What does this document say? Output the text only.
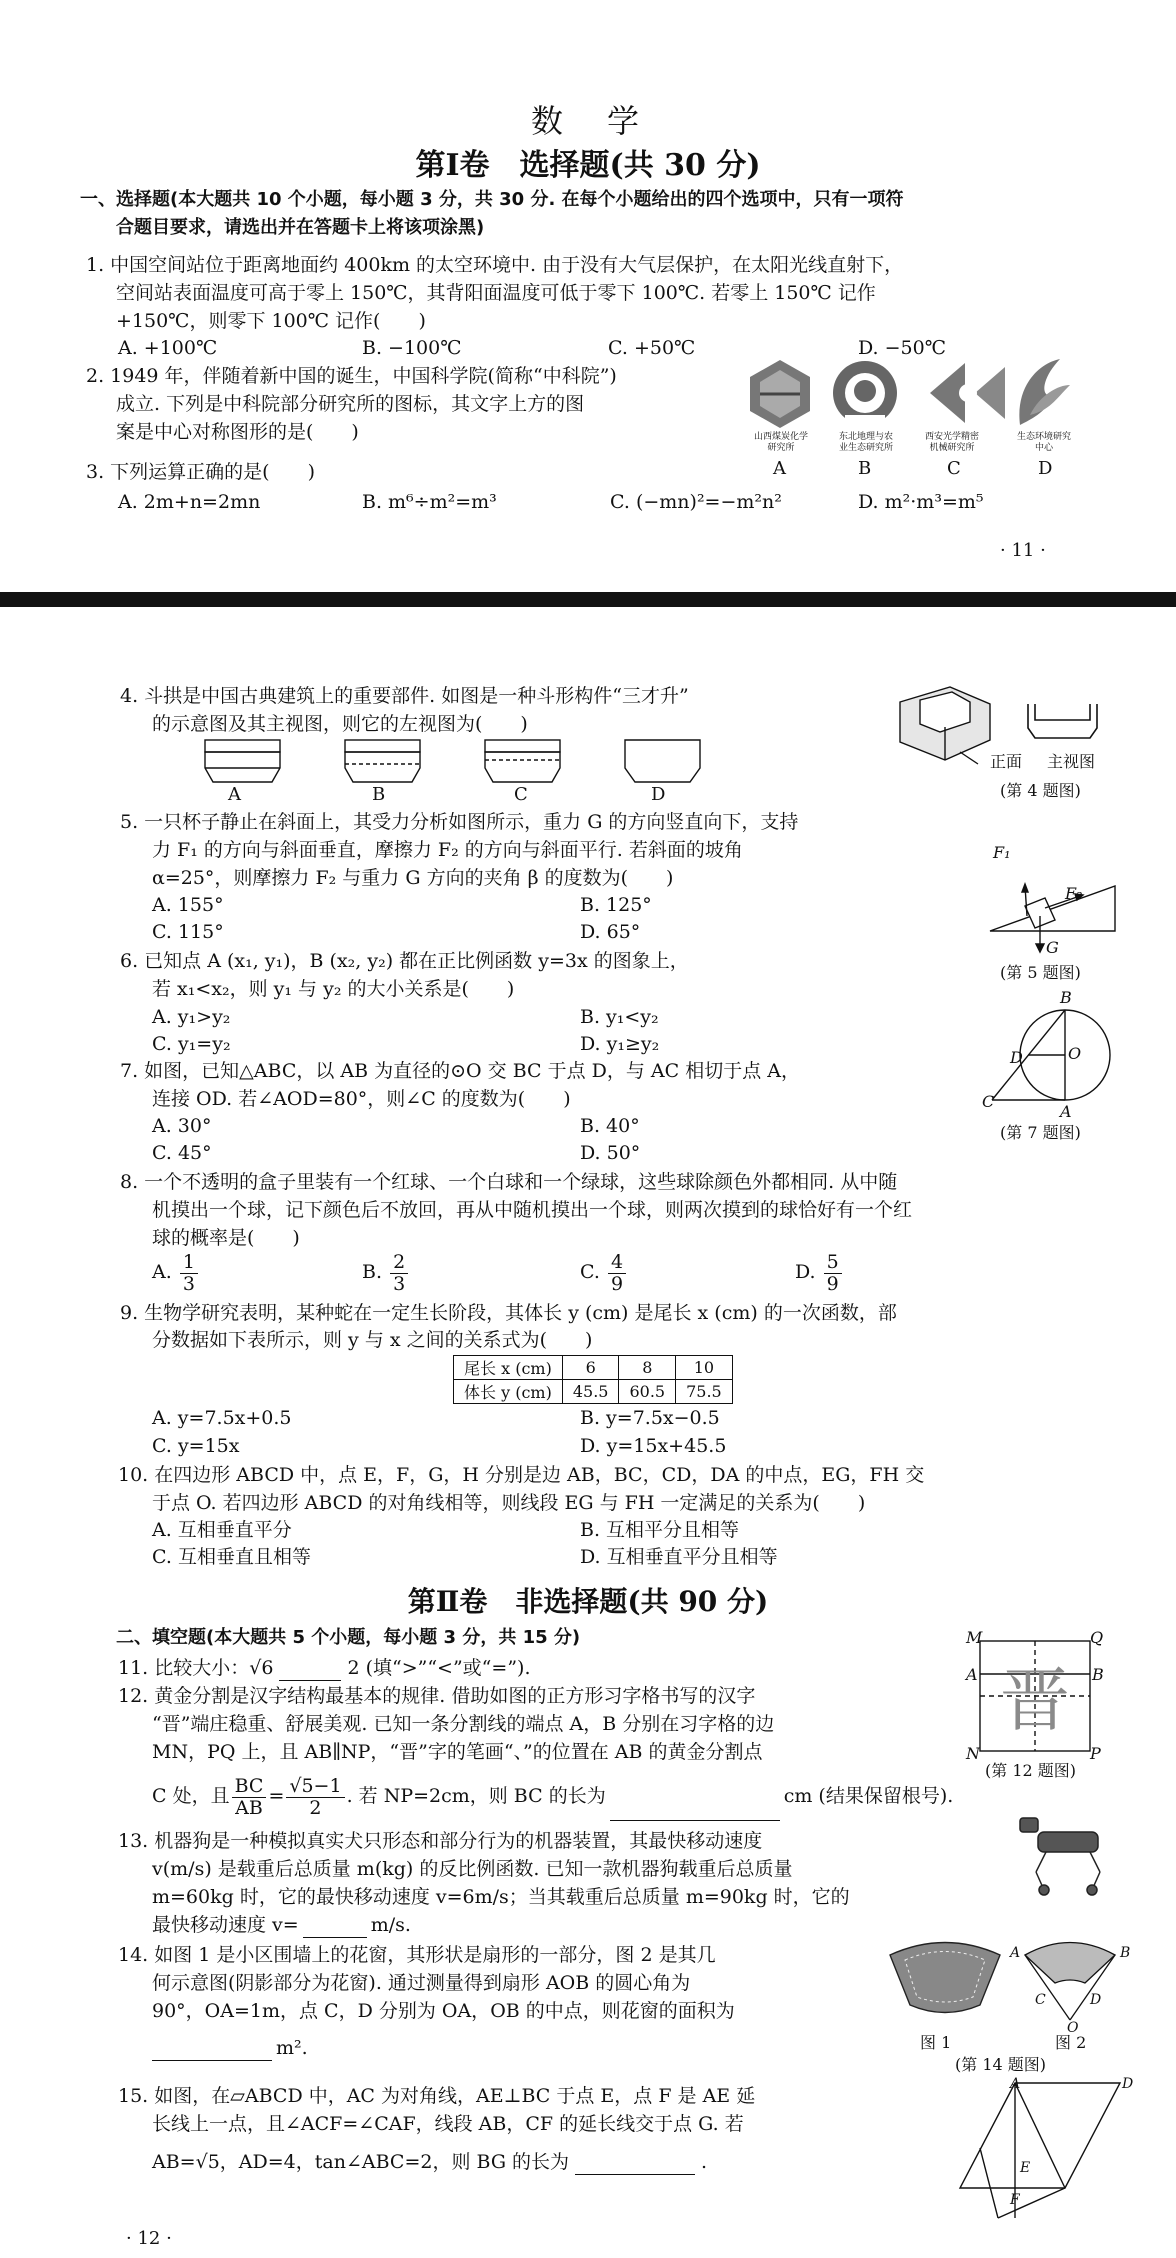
数　学
第Ⅰ卷　选择题(共 30 分)
一、选择题(本大题共 10 个小题，每小题 3 分，共 30 分. 在每个小题给出的四个选项中，只有一项符
合题目要求，请选出并在答题卡上将该项涂黑)
1. 中国空间站位于距离地面约 400km 的太空环境中. 由于没有大气层保护，在太阳光线直射下，
空间站表面温度可高于零上 150℃，其背阳面温度可低于零下 100℃. 若零上 150℃ 记作
+150℃，则零下 100℃ 记作(　　)
A. +100℃	B. −100℃	C. +50℃	D. −50℃
2. 1949 年，伴随着新中国的诞生，中国科学院(简称“中科院”)
成立. 下列是中科院部分研究所的图标，其文字上方的图
案是中心对称图形的是(　　)	山西煤炭化学研究所
东北地理与农业生态研究所
西安光学精密机械研究所
生态环境研究中心
A	B	C	D
3. 下列运算正确的是(　　)
A. 2m+n=2mn	B. m⁶÷m²=m³	C. (−mn)²=−m²n²	D. m²·m³=m⁵
· 11 ·
4. 斗拱是中国古典建筑上的重要部件. 如图是一种斗形构件“三才升”
的示意图及其主视图，则它的左视图为(　　)
A	B	C	D
正面 主视图
(第 4 题图)
5. 一只杯子静止在斜面上，其受力分析如图所示，重力 G 的方向竖直向下，支持
力 F₁ 的方向与斜面垂直，摩擦力 F₂ 的方向与斜面平行. 若斜面的坡角
α=25°，则摩擦力 F₂ 与重力 G 方向的夹角 β 的度数为(　　)
A. 155°	B. 125°
C. 115°	D. 65°
F₁
F₂
G
(第 5 题图)
6. 已知点 A (x₁, y₁)，B (x₂, y₂) 都在正比例函数 y=3x 的图象上，
若 x₁<x₂，则 y₁ 与 y₂ 的大小关系是(　　)
A. y₁>y₂	B. y₁<y₂
C. y₁=y₂	D. y₁≥y₂
B
O
D
C
A
(第 7 题图)
7. 如图，已知△ABC，以 AB 为直径的⊙O 交 BC 于点 D，与 AC 相切于点 A，
连接 OD. 若∠AOD=80°，则∠C 的度数为(　　)
A. 30°	B. 40°
C. 45°	D. 50°
8. 一个不透明的盒子里装有一个红球、一个白球和一个绿球，这些球除颜色外都相同. 从中随
机摸出一个球，记下颜色后不放回，再从中随机摸出一个球，则两次摸到的球恰好有一个红
球的概率是(　　)
A. $\frac{1}{3}$	B. $\frac{2}{3}$	C. $\frac{4}{9}$	D. $\frac{5}{9}$
9. 生物学研究表明，某种蛇在一定生长阶段，其体长 y (cm) 是尾长 x (cm) 的一次函数，部
分数据如下表所示，则 y 与 x 之间的关系式为(　　)
尾长 x (cm)	6	8	10
体长 y (cm)	45.5	60.5	75.5
A. y=7.5x+0.5	B. y=7.5x−0.5
C. y=15x	D. y=15x+45.5
10. 在四边形 ABCD 中，点 E，F，G，H 分别是边 AB，BC，CD，DA 的中点，EG，FH 交
于点 O. 若四边形 ABCD 的对角线相等，则线段 EG 与 FH 一定满足的关系为(　　)
A. 互相垂直平分	B. 互相平分且相等
C. 互相垂直且相等	D. 互相垂直平分且相等
第Ⅱ卷　非选择题(共 90 分)
二、填空题(本大题共 5 个小题，每小题 3 分，共 15 分)
11. 比较大小：√6	2 (填“>”“<”或“=”).
12. 黄金分割是汉字结构最基本的规律. 借助如图的正方形习字格书写的汉字
“晋”端庄稳重、舒展美观. 已知一条分割线的端点 A，B 分别在习字格的边
MN，PQ 上，且 AB∥NP，“晋”字的笔画“、”的位置在 AB 的黄金分割点
C 处，且 $\frac{BC}{AB} = \frac{√5-1}{2}$ . 若 NP=2cm，则 BC 的长为	cm (结果保留根号).
晋
M	Q
A	B
N	P
(第 12 题图)
13. 机器狗是一种模拟真实犬只形态和部分行为的机器装置，其最快移动速度
v(m/s) 是载重后总质量 m(kg) 的反比例函数. 已知一款机器狗载重后总质量
m=60kg 时，它的最快移动速度 v=6m/s；当其载重后总质量 m=90kg 时，它的
最快移动速度 v=	m/s.
14. 如图 1 是小区围墙上的花窗，其形状是扇形的一部分，图 2 是其几
何示意图(阴影部分为花窗). 通过测量得到扇形 AOB 的圆心角为
90°，OA=1m，点 C，D 分别为 OA，OB 的中点，则花窗的面积为
m².
C	D
O
B
A
图 1	图 2
(第 14 题图)
15. 如图，在▱ABCD 中，AC 为对角线，AE⊥BC 于点 E，点 F 是 AE 延
长线上一点，且∠ACF=∠CAF，线段 AB，CF 的延长线交于点 G. 若
AB=√5，AD=4，tan∠ABC=2，则 BG 的长为	.
A	D
E
F
· 12 ·
